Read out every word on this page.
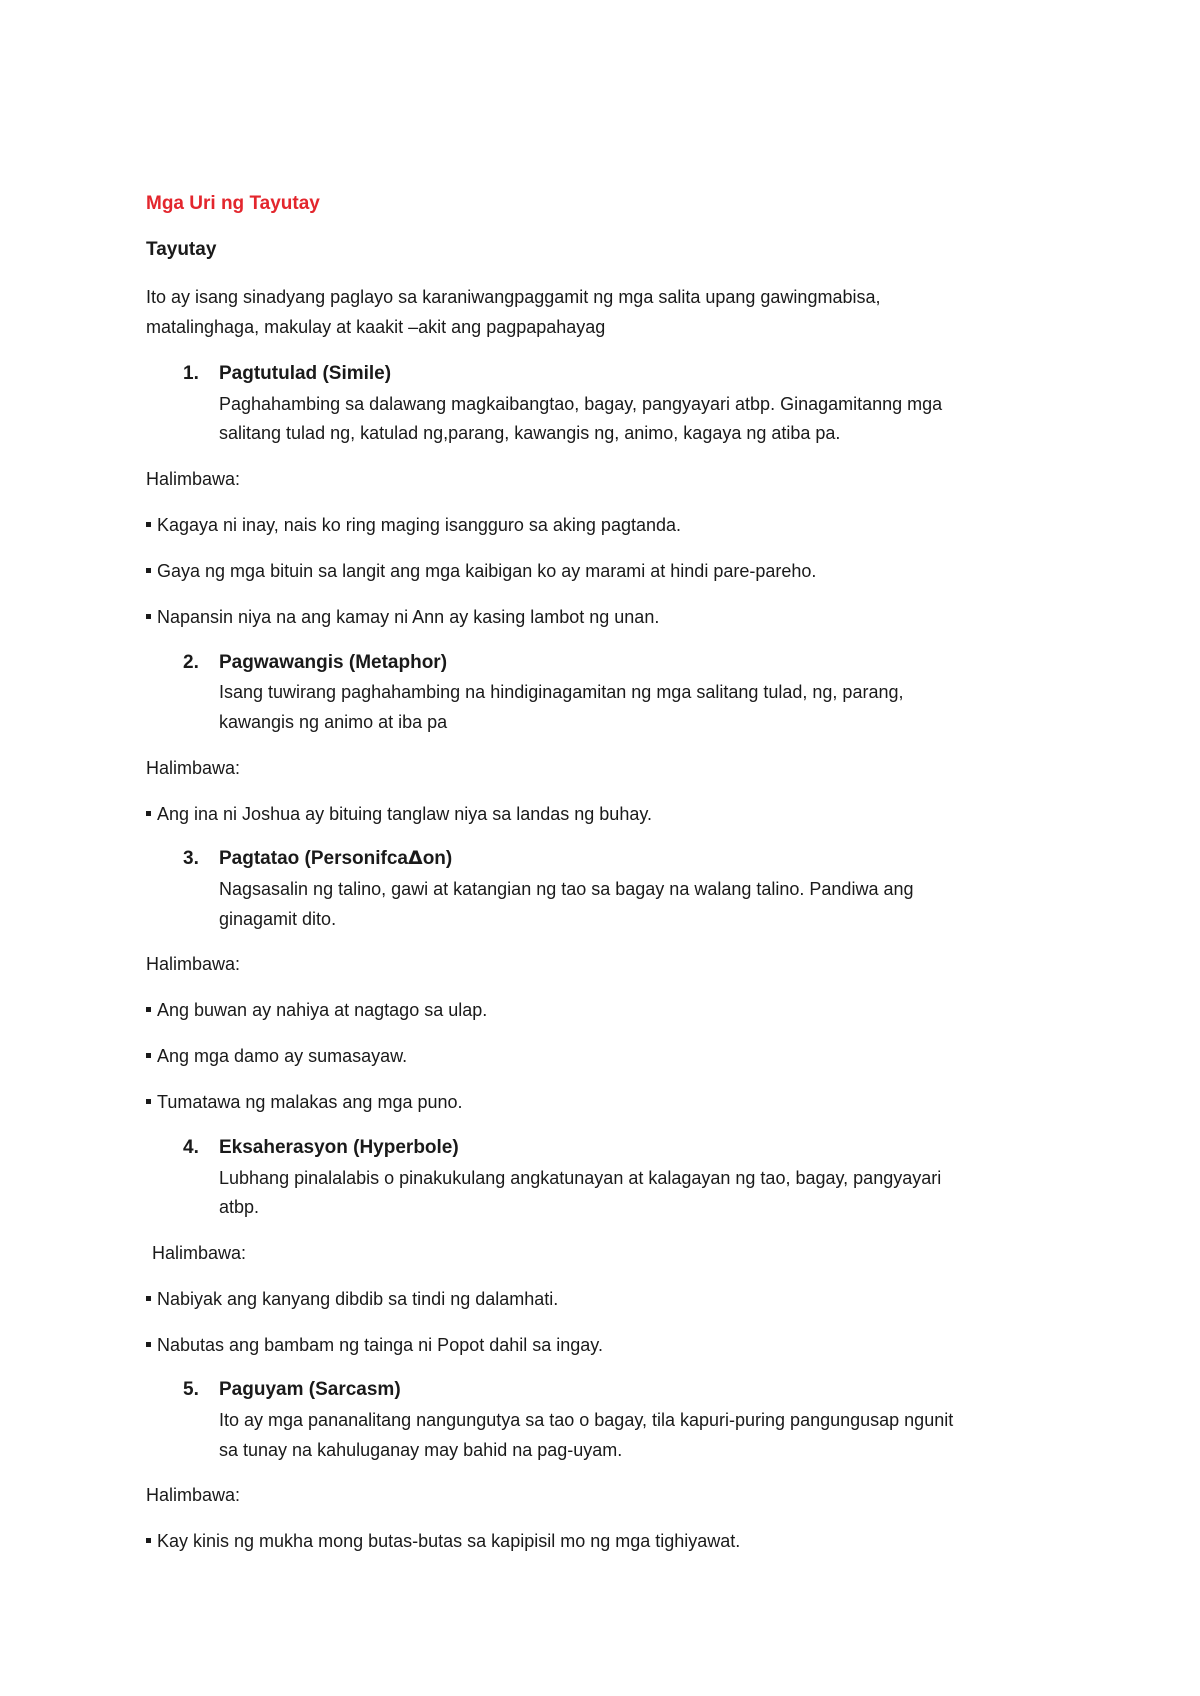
Mga Uri ng Tayutay
Tayutay
Ito ay isang sinadyang paglayo sa karaniwangpaggamit ng mga salita upang gawingmabisa,
matalinghaga, makulay at kaakit –akit ang pagpapahayag
1. Pagtutulad (Simile)
Paghahambing sa dalawang magkaibangtao, bagay, pangyayari atbp. Ginagamitanng mga
salitang tulad ng, katulad ng,parang, kawangis ng, animo, kagaya ng atiba pa.
Halimbawa:
Kagaya ni inay, nais ko ring maging isangguro sa aking pagtanda.
Gaya ng mga bituin sa langit ang mga kaibigan ko ay marami at hindi pare-pareho.
Napansin niya na ang kamay ni Ann ay kasing lambot ng unan.
2. Pagwawangis (Metaphor)
Isang tuwirang paghahambing na hindiginagamitan ng mga salitang tulad, ng, parang,
kawangis ng animo at iba pa
Halimbawa:
Ang ina ni Joshua ay bituing tanglaw niya sa landas ng buhay.
3. Pagtatao (Personifcaᐃon)
Nagsasalin ng talino, gawi at katangian ng tao sa bagay na walang talino. Pandiwa ang
ginagamit dito.
Halimbawa:
Ang buwan ay nahiya at nagtago sa ulap.
Ang mga damo ay sumasayaw.
Tumatawa ng malakas ang mga puno.
4. Eksaherasyon (Hyperbole)
Lubhang pinalalabis o pinakukulang angkatunayan at kalagayan ng tao, bagay, pangyayari
atbp.
Halimbawa:
Nabiyak ang kanyang dibdib sa tindi ng dalamhati.
Nabutas ang bambam ng tainga ni Popot dahil sa ingay.
5. Paguyam (Sarcasm)
Ito ay mga pananalitang nangungutya sa tao o bagay, tila kapuri-puring pangungusap ngunit
sa tunay na kahuluganay may bahid na pag-uyam.
Halimbawa:
Kay kinis ng mukha mong butas-butas sa kapipisil mo ng mga tighiyawat.
